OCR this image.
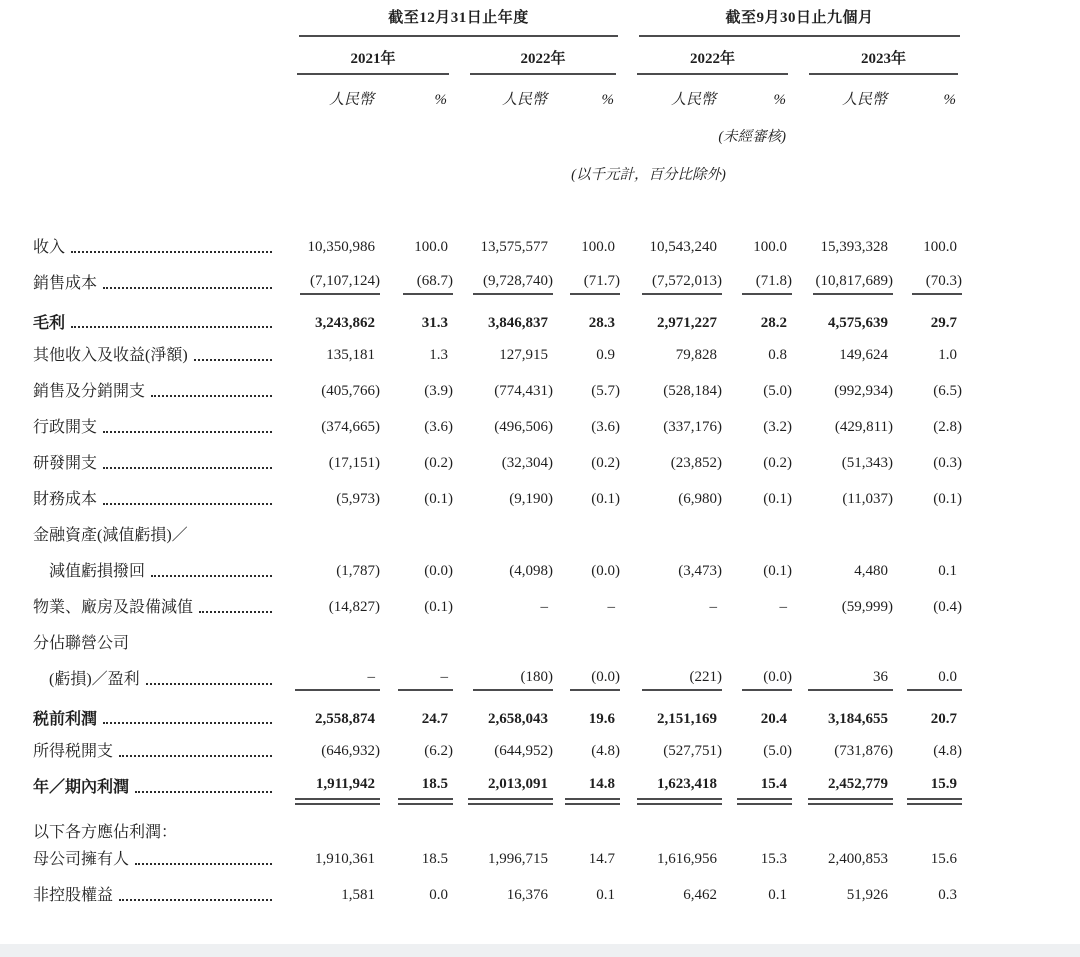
	截至12月31日止年度				截至9月30日止九個月			

	2021年		2022年		2022年		2023年	

	人民幣	%	人民幣	%	人民幣	%	人民幣	%
					(未經審核)			
	(以千元計，百分比除外)							

收入	10,350,986	100.0	13,575,577	100.0	10,543,240	100.0	15,393,328	100.0

銷售成本	(7,107,124)	(68.7)	(9,728,740)	(71.7)	(7,572,013)	(71.8)	(10,817,689)	(70.3)

毛利	3,243,862	31.3	3,846,837	28.3	2,971,227	28.2	4,575,639	29.7

其他收入及收益(淨額)	135,181	1.3	127,915	0.9	79,828	0.8	149,624	1.0

銷售及分銷開支	(405,766)	(3.9)	(774,431)	(5.7)	(528,184)	(5.0)	(992,934)	(6.5)

行政開支	(374,665)	(3.6)	(496,506)	(3.6)	(337,176)	(3.2)	(429,811)	(2.8)

研發開支	(17,151)	(0.2)	(32,304)	(0.2)	(23,852)	(0.2)	(51,343)	(0.3)

財務成本	(5,973)	(0.1)	(9,190)	(0.1)	(6,980)	(0.1)	(11,037)	(0.1)

金融資產(減值虧損)／								

減值虧損撥回	(1,787)	(0.0)	(4,098)	(0.0)	(3,473)	(0.1)	4,480	0.1

物業、廠房及設備減值	(14,827)	(0.1)	–	–	–	–	(59,999)	(0.4)

分佔聯營公司								

(虧損)／盈利	–	–	(180)	(0.0)	(221)	(0.0)	36	0.0

税前利潤	2,558,874	24.7	2,658,043	19.6	2,151,169	20.4	3,184,655	20.7

所得税開支	(646,932)	(6.2)	(644,952)	(4.8)	(527,751)	(5.0)	(731,876)	(4.8)

年／期內利潤	1,911,942	18.5	2,013,091	14.8	1,623,418	15.4	2,452,779	15.9

以下各方應佔利潤：								

母公司擁有人	1,910,361	18.5	1,996,715	14.7	1,616,956	15.3	2,400,853	15.6

非控股權益	1,581	0.0	16,376	0.1	6,462	0.1	51,926	0.3
